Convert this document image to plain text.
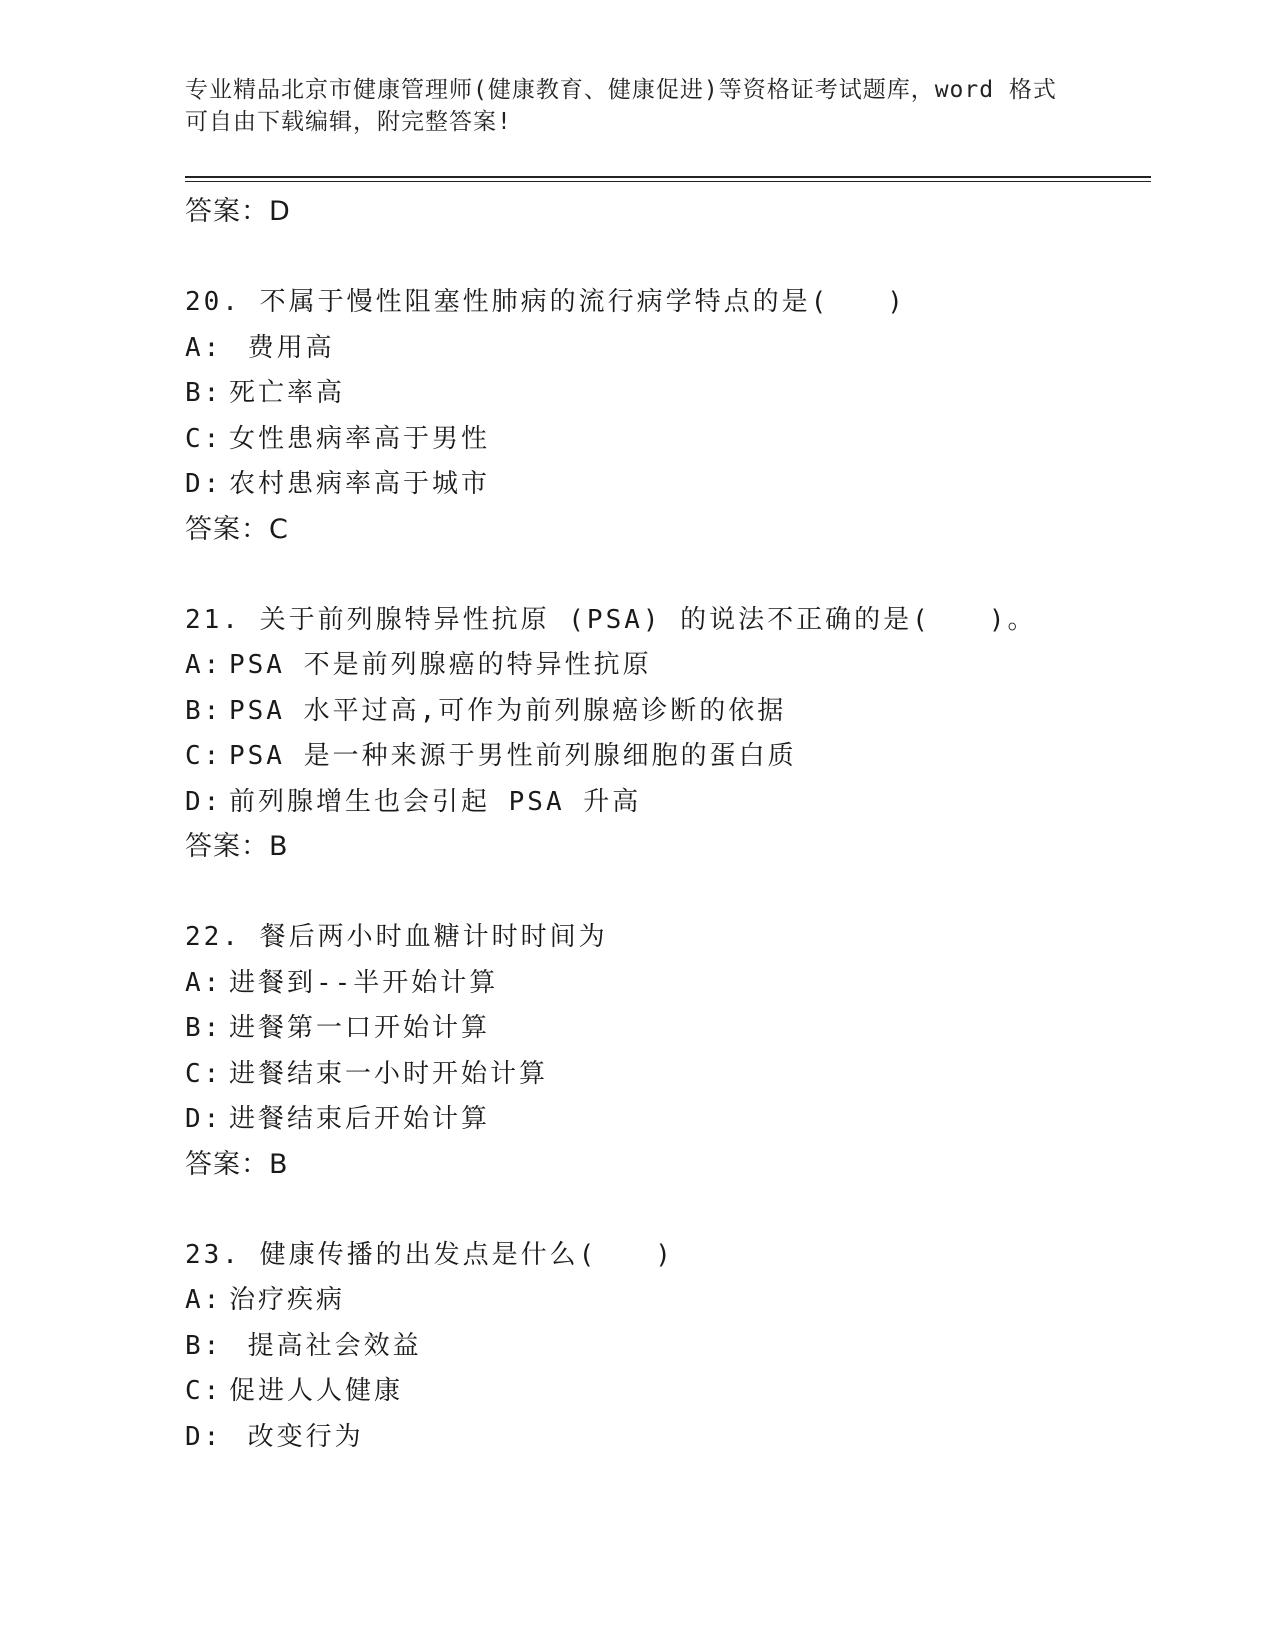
专业精品北京市健康管理师(健康教育、健康促进)等资格证考试题库，word 格式
可自由下载编辑，附完整答案!
答案：D
20. 不属于慢性阻塞性肺病的流行病学特点的是(　　)
A: 费用高
B: 死亡率高
C: 女性患病率高于男性
D: 农村患病率高于城市
答案：C
21. 关于前列腺特异性抗原 (PSA) 的说法不正确的是(　　)。
A: PSA 不是前列腺癌的特异性抗原
B: PSA 水平过高,可作为前列腺癌诊断的依据
C: PSA 是一种来源于男性前列腺细胞的蛋白质
D: 前列腺增生也会引起 PSA 升高
答案：B
22. 餐后两小时血糖计时时间为
A: 进餐到--半开始计算
B: 进餐第一口开始计算
C: 进餐结束一小时开始计算
D: 进餐结束后开始计算
答案：B
23. 健康传播的出发点是什么(　　)
A: 治疗疾病
B: 提高社会效益
C: 促进人人健康
D: 改变行为
